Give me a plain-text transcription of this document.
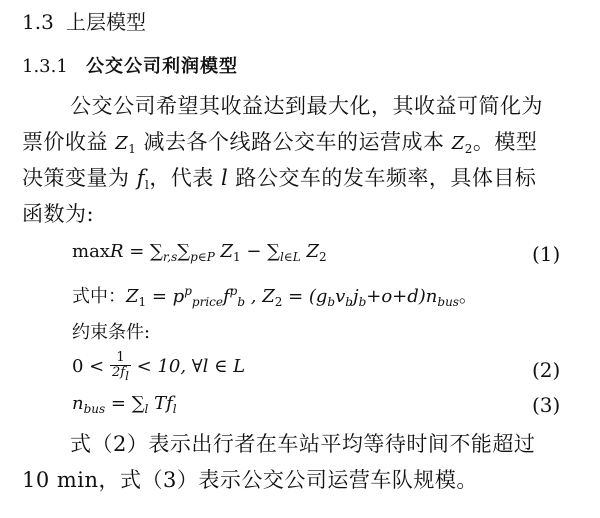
1.3 上层模型
1.3.1 公交公司利润模型
公交公司希望其收益达到最大化，其收益可简化为
票价收益 $Z_1$ 减去各个线路公交车的运营成本 $Z_2$。模型
决策变量为 $f_l$，代表 l 路公交车的发车频率，具体目标
函数为:
$\max R = \sum_{r,s}\sum_{p\in P}$ $Z_1 - \sum_{l\in L}$ $Z_2$	(1)
式中：$Z_1 = p^p_{price}f^p_b$ , $Z_2 = (g_bv_bj_b+o+d)n_{bus}$。
约束条件:
$0 < \frac{1}{2fl} < 10$, ∀l ∈ L	(2)
$n_{bus} = \sum_l$ $Tf_l$	(3)
式（2）表示出行者在车站平均等待时间不能超过
10 min，式（3）表示公交公司运营车队规模。
